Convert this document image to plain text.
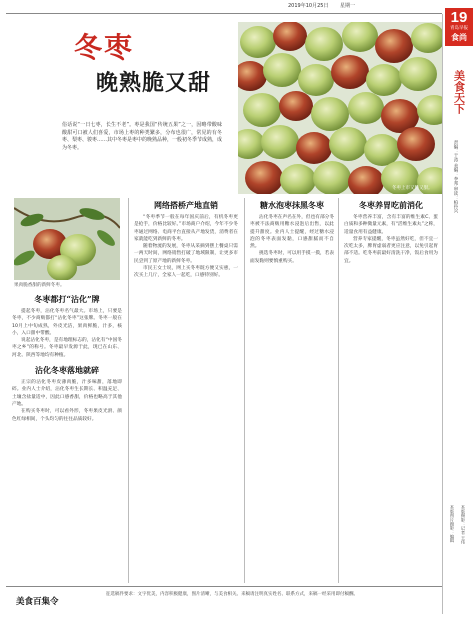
2019年10月25日 星期一
19
青岛早报
食尚
美食天下
责编：于涛 美编：李邦 审读：柏伶兴
本版图片摄影：编辑	本版摄影：记者 王伟
冬枣
晚熟脆又甜
俗话说“一日七枣，长生不老”。枣是我国“传统五果”之一，因略带酸味酸甜可口被人们喜爱，市场上枣的种类繁多，分布也很广，常见的有冬枣、梨枣、骏枣……其中冬枣是枣中的晚熟品种，一般初冬季节成熟，成为冬枣。
冬枣上市又脆又甜。
果肉脆香甜的新鲜冬枣。
冬枣都打“沾化”牌

提起冬枣，沾化冬枣名气最大。市场上，只要是冬枣，不少商贩都打“沾化冬枣”这张牌。冬枣一般在10月上中旬成熟，外皮光洁，果肉鲜脆，汁多，核小，入口甜中带酸。

说起沾化冬枣，是有地理标志的，沾化有“中国冬枣之乡”的称号。冬枣最早发源于此，现已在山东、河北、陕西等地均有种植。

沾化冬枣落地就碎

正宗的沾化冬枣皮薄肉脆，汁多味甜，落地即碎。业内人士介绍，沾化冬枣生长期长、积温充足、土壤含盐量适中，因此口感香甜，价格也略高于其他产地。

在购买冬枣时，可以看外形，冬枣果皮光滑、颜色红绿相间，个头均匀的往往品质较好。

网络搭桥产地直销

“冬枣季节一般在每年国庆前后，有机冬枣更是抢手，价格比较好。”市场商户介绍，今年不少冬枣通过网络、电商平台直接从产地发货，消费者在家就能吃到新鲜的冬枣。

随着物流的发展，冬枣从采摘到摆上餐桌只需一两天时间，网络销售打破了地域限制，让更多市民尝到了原产地的新鲜冬枣。

市民王女士说，网上买冬枣既方便又实惠，一次买上几斤，全家人一起吃，口感特别好。

糖水泡枣抹黑冬枣

沾化冬枣在声名在外，但也有部分冬枣被不法商贩用糖水浸泡后出售，以此提升甜度。业内人士提醒，经过糖水浸泡的冬枣表面发黏，口感甜腻而不自然。

挑选冬枣时，可以用手摸一摸，若表面发黏则要慎重购买。

冬枣养胃吃前消化

冬枣营养丰富，含有丰富的维生素C、蛋白质和多种微量元素，有“活维生素丸”之称，适量食用有益健康。

营养专家提醒，冬枣虽然好吃，但不宜一次吃太多，脾胃虚弱者更应注意，以免引起胃部不适。吃冬枣前最好清洗干净，饭后食用为宜。

美食百集令
征选稿件要求：文字优美，内容积极健康，图片清晰，与美食相关。来稿请注明真实姓名、联系方式，来稿一经采用即付稿酬。
